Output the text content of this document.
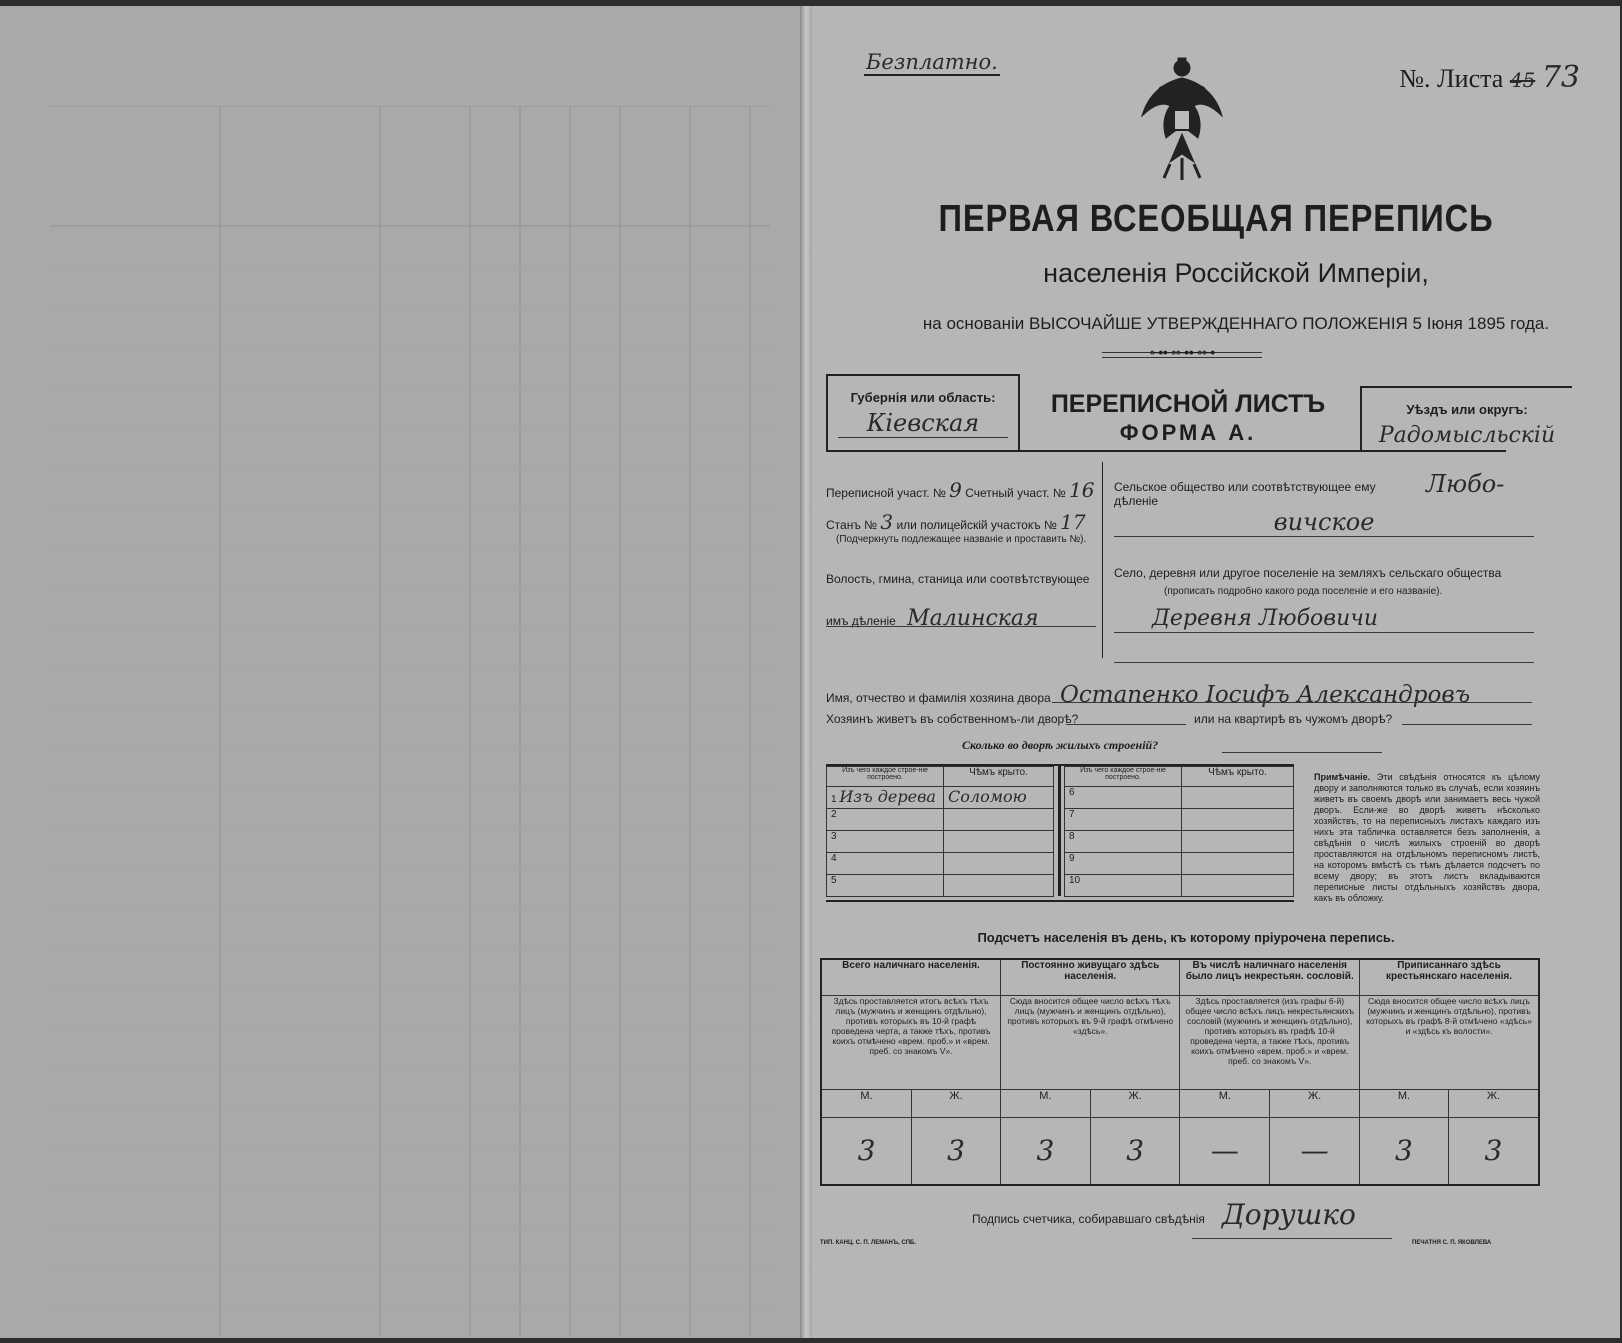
Безплатно.
№. Листа 45 73
ПЕРВАЯ ВСЕОБЩАЯ ПЕРЕПИСЬ
населенія Россійской Имперіи,
на основаніи ВЫСОЧАЙШЕ УТВЕРЖДЕННАГО ПОЛОЖЕНІЯ 5 Іюня 1895 года.
⊶⊷⊶⊷⊶
Губернія или область:
Кіевская
ПЕРЕПИСНОЙ ЛИСТЪ
ФОРМА А.
Уѣздъ или округъ:
Радомысльскій
Переписной участ. № 9 Счетный участ. № 16
Станъ № 3 или полицейскій участокъ № 17
(Подчеркнуть подлежащее названіе и проставить №).
Волость, гмина, станица или соотвѣтствующее
имъ дѣленіе Малинская
Сельское общество или соотвѣтствующее ему дѣленіе
Любо-
вичское
Село, деревня или другое поселеніе на земляхъ сельскаго общества
(прописать подробно какого рода поселеніе и его названіе).
Деревня Любовичи
Имя, отчество и фамилія хозяина двора Остапенко Іосифъ Александровъ
Хозяинъ живетъ въ собственномъ-ли дворѣ?	или на квартирѣ въ чужомъ дворѣ?
Сколько во дворѣ жилыхъ строеній?
Изъ чего каждое строе-ніе построено.	Чѣмъ крыто.
1 Изъ дерева	Соломою
2	
3	
4	
5	
Изъ чего каждое строе-ніе построено.	Чѣмъ крыто.
6	
7	
8	
9	
10	
Примѣчаніе. Эти свѣдѣнія относятся къ цѣлому двору и заполняются только въ случаѣ, если хозяинъ живетъ въ своемъ дворѣ или занимаетъ весь чужой дворъ. Если-же во дворѣ живетъ нѣсколько хозяйствъ, то на переписныхъ листахъ каждаго изъ нихъ эта табличка оставляется безъ заполненія, а свѣдѣнія о числѣ жилыхъ строеній во дворѣ проставляются на отдѣльномъ переписномъ листѣ, на которомъ вмѣстѣ съ тѣмъ дѣлается подсчетъ по всему двору; въ этотъ листъ вкладываются переписные листы отдѣльныхъ хозяйствъ двора, какъ въ обложку.
Подсчетъ населенія въ день, къ которому пріурочена перепись.
Всего наличнаго населенія.		Постоянно живущаго здѣсь населенія.		Въ числѣ наличнаго населенія было лицъ некрестьян. сословій.		Приписаннаго здѣсь крестьянскаго населенія.	
Здѣсь проставляется итогъ всѣхъ тѣхъ лицъ (мужчинъ и женщинъ отдѣльно), противъ которыхъ въ 10-й графѣ проведена черта, а также тѣхъ, противъ коихъ отмѣчено «врем. проб.» и «врем. преб. со знакомъ V».		Сюда вносится общее число всѣхъ тѣхъ лицъ (мужчинъ и женщинъ отдѣльно), противъ которыхъ въ 9-й графѣ отмѣчено «здѣсь».		Здѣсь проставляется (изъ графы 6-й) общее число всѣхъ лицъ некрестьянскихъ сословій (мужчинъ и женщинъ отдѣльно), противъ которыхъ въ графѣ 10-й проведена черта, а также тѣхъ, противъ коихъ отмѣчено «врем. проб.» и «врем. преб. со знакомъ V».		Сюда вносится общее число всѣхъ лицъ (мужчинъ и женщинъ отдѣльно), противъ которыхъ въ графѣ 8-й отмѣчено «здѣсь» и «здѣсь къ волости».	
М.	Ж.	М.	Ж.	М.	Ж.	М.	Ж.
3	3	3	3	—	—	3	3
Подпись счетчика, собиравшаго свѣдѣнія Дорушко
ТИП. КАНЦ. С. П. ЛЕМАНЪ, СПБ.	ПЕЧАТНЯ С. П. ЯКОВЛЕВА
